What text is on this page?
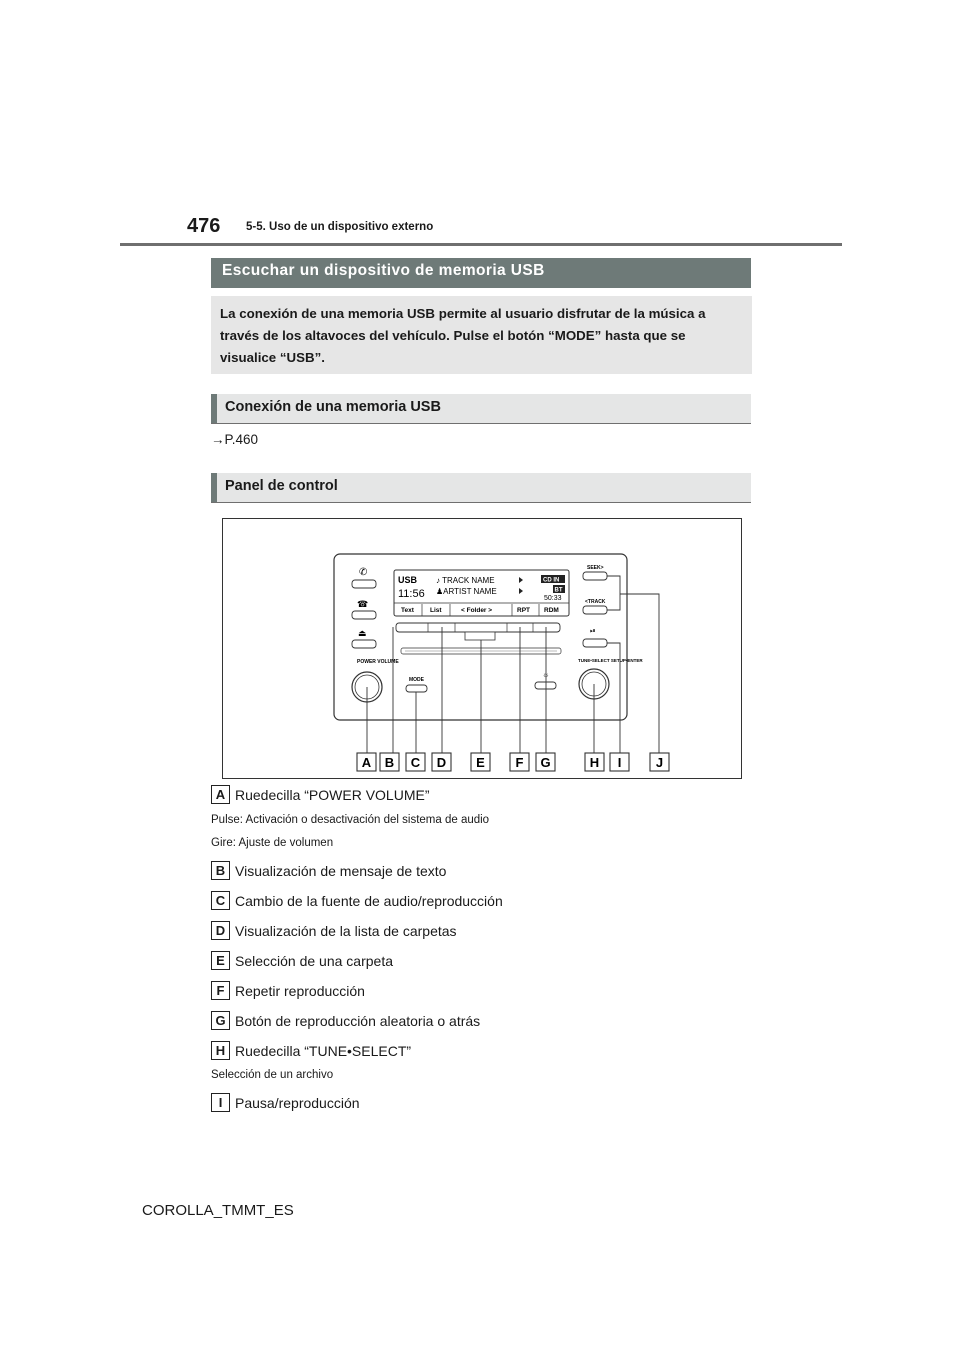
476 5-5. Uso de un dispositivo externo
Escuchar un dispositivo de memoria USB
La conexión de una memoria USB permite al usuario disfrutar de la música a través de los altavoces del vehículo. Pulse el botón “MODE” hasta que se visualice “USB”.
Conexión de una memoria USB
→P.460
Panel de control
USB
11:56
♪ TRACK NAME
♟ARTIST NAME
CD IN
BT
50:33
Text List	< Folder >	RPT RDM
✆
☎
⏏
POWER VOLUME
MODE
SEEK>
<TRACK
⏯
TUNE•SELECT SETUP•ENTER
☼
A B C D E F G	H I	J
A Ruedecilla “POWER VOLUME”
Pulse: Activación o desactivación del sistema de audio
Gire: Ajuste de volumen
B Visualización de mensaje de texto
C Cambio de la fuente de audio/reproducción
D Visualización de la lista de carpetas
E Selección de una carpeta
F Repetir reproducción
G Botón de reproducción aleatoria o atrás
H Ruedecilla “TUNE•SELECT”
Selección de un archivo
I Pausa/reproducción
COROLLA_TMMT_ES
